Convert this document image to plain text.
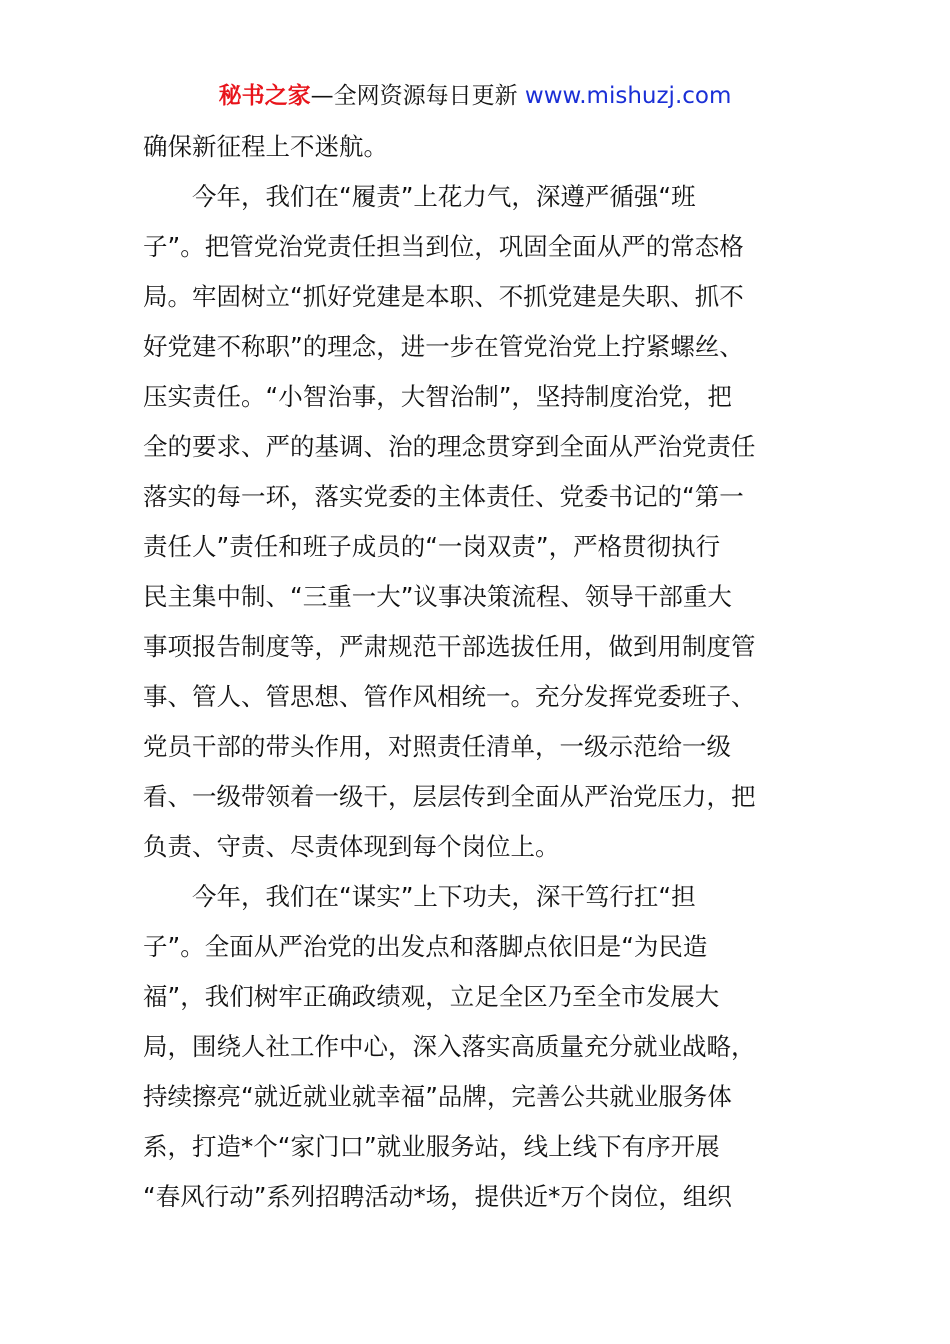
秘书之家—全网资源每日更新 www.mishuzj.com
确保新征程上不迷航。
　　今年，我们在“履责”上花力气，深遵严循强“班
子”。把管党治党责任担当到位，巩固全面从严的常态格
局。牢固树立“抓好党建是本职、不抓党建是失职、抓不
好党建不称职”的理念，进一步在管党治党上拧紧螺丝、
压实责任。“小智治事，大智治制”，坚持制度治党，把
全的要求、严的基调、治的理念贯穿到全面从严治党责任
落实的每一环，落实党委的主体责任、党委书记的“第一
责任人”责任和班子成员的“一岗双责”，严格贯彻执行
民主集中制、“三重一大”议事决策流程、领导干部重大
事项报告制度等，严肃规范干部选拔任用，做到用制度管
事、管人、管思想、管作风相统一。充分发挥党委班子、
党员干部的带头作用，对照责任清单，一级示范给一级
看、一级带领着一级干，层层传到全面从严治党压力，把
负责、守责、尽责体现到每个岗位上。
　　今年，我们在“谋实”上下功夫，深干笃行扛“担
子”。全面从严治党的出发点和落脚点依旧是“为民造
福”，我们树牢正确政绩观，立足全区乃至全市发展大
局，围绕人社工作中心，深入落实高质量充分就业战略，
持续擦亮“就近就业就幸福”品牌，完善公共就业服务体
系，打造*个“家门口”就业服务站，线上线下有序开展
“春风行动”系列招聘活动*场，提供近*万个岗位，组织
